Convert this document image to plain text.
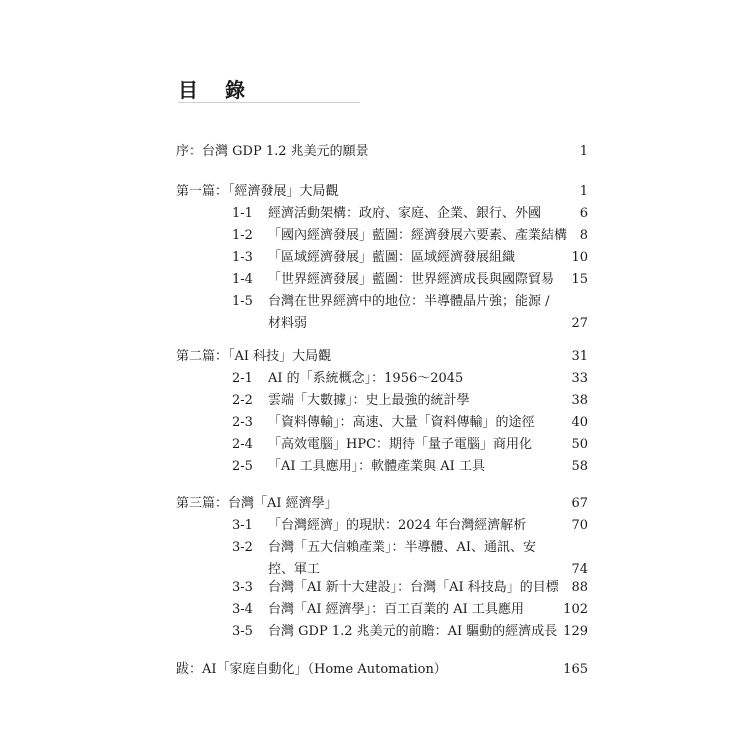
目 錄
序：台灣 GDP 1.2 兆美元的願景	1
第一篇：「經濟發展」大局觀	1
1-1 經濟活動架構：政府、家庭、企業、銀行、外國	6
1-2 「國內經濟發展」藍圖：經濟發展六要素、產業結構 8
1-3 「區域經濟發展」藍圖：區域經濟發展組織	10
1-4 「世界經濟發展」藍圖：世界經濟成長與國際貿易 15
1-5 台灣在世界經濟中的地位：半導體晶片強；能源 / 材料弱	27
第二篇：「AI 科技」大局觀	31
2-1 AI 的「系統概念」：1956～2045	33
2-2 雲端「大數據」：史上最強的統計學	38
2-3 「資料傳輸」：高速、大量「資料傳輸」的途徑	40
2-4 「高效電腦」HPC：期待「量子電腦」商用化	50
2-5 「AI 工具應用」：軟體產業與 AI 工具	58
第三篇：台灣「AI 經濟學」	67
3-1 「台灣經濟」的現狀：2024 年台灣經濟解析	70
3-2 台灣「五大信賴產業」：半導體、AI、通訊、安控、軍工	74
3-3 台灣「AI 新十大建設」：台灣「AI 科技島」的目標 88
3-4 台灣「AI 經濟學」：百工百業的 AI 工具應用	102
3-5 台灣 GDP 1.2 兆美元的前瞻：AI 驅動的經濟成長 129
跋：AI「家庭自動化」（Home Automation）	165
